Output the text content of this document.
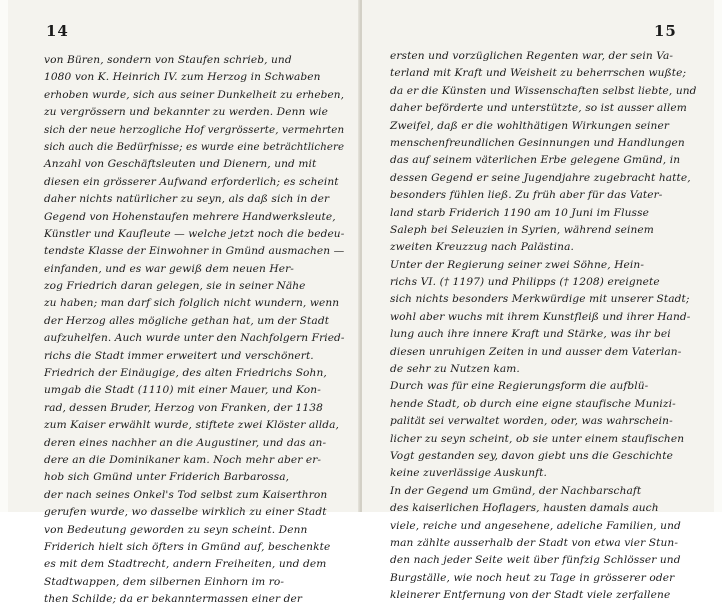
14
von Büren, sondern von Staufen schrieb, und
1080 von K. Heinrich IV. zum Herzog in Schwaben
erhoben wurde, sich aus seiner Dunkelheit zu erheben,
zu vergrössern und bekannter zu werden. Denn wie
sich der neue herzogliche Hof vergrösserte, vermehrten
sich auch die Bedürfnisse; es wurde eine beträchtlichere
Anzahl von Geschäftsleuten und Dienern, und mit
diesen ein grösserer Aufwand erforderlich; es scheint
daher nichts natürlicher zu seyn, als daß sich in der
Gegend von Hohenstaufen mehrere Handwerksleute,
Künstler und Kaufleute — welche jetzt noch die bedeu-
tendste Klasse der Einwohner in Gmünd ausmachen —
einfanden, und es war gewiß dem neuen Her-
zog Friedrich daran gelegen, sie in seiner Nähe
zu haben; man darf sich folglich nicht wundern, wenn
der Herzog alles mögliche gethan hat, um der Stadt
aufzuhelfen. Auch wurde unter den Nachfolgern Fried-
richs die Stadt immer erweitert und verschönert.
Friedrich der Einäugige, des alten Friedrichs Sohn,
umgab die Stadt (1110) mit einer Mauer, und Kon-
rad, dessen Bruder, Herzog von Franken, der 1138
zum Kaiser erwählt wurde, stiftete zwei Klöster allda,
deren eines nachher an die Augustiner, und das an-
dere an die Dominikaner kam. Noch mehr aber er-
hob sich Gmünd unter Friderich Barbarossa,
der nach seines Onkel's Tod selbst zum Kaiserthron
gerufen wurde, wo dasselbe wirklich zu einer Stadt
von Bedeutung geworden zu seyn scheint. Denn
Friderich hielt sich öfters in Gmünd auf, beschenkte
es mit dem Stadtrecht, andern Freiheiten, und dem
Stadtwappen, dem silbernen Einhorn im ro-
then Schilde; da er bekanntermassen einer der
15
ersten und vorzüglichen Regenten war, der sein Va-
terland mit Kraft und Weisheit zu beherrschen wußte;
da er die Künsten und Wissenschaften selbst liebte, und
daher beförderte und unterstützte, so ist ausser allem
Zweifel, daß er die wohlthätigen Wirkungen seiner
menschenfreundlichen Gesinnungen und Handlungen
das auf seinem väterlichen Erbe gelegene Gmünd, in
dessen Gegend er seine Jugendjahre zugebracht hatte,
besonders fühlen ließ. Zu früh aber für das Vater-
land starb Friderich 1190 am 10 Juni im Flusse
Saleph bei Seleuzien in Syrien, während seinem
zweiten Kreuzzug nach Palästina.
Unter der Regierung seiner zwei Söhne, Hein-
richs VI. († 1197) und Philipps († 1208) ereignete
sich nichts besonders Merkwürdige mit unserer Stadt;
wohl aber wuchs mit ihrem Kunstfleiß und ihrer Hand-
lung auch ihre innere Kraft und Stärke, was ihr bei
diesen unruhigen Zeiten in und ausser dem Vaterlan-
de sehr zu Nutzen kam.
Durch was für eine Regierungsform die aufblü-
hende Stadt, ob durch eine eigne staufische Munizi-
palität sei verwaltet worden, oder, was wahrschein-
licher zu seyn scheint, ob sie unter einem staufischen
Vogt gestanden sey, davon giebt uns die Geschichte
keine zuverlässige Auskunft.
In der Gegend um Gmünd, der Nachbarschaft
des kaiserlichen Hoflagers, hausten damals auch
viele, reiche und angesehene, adeliche Familien, und
man zählte ausserhalb der Stadt von etwa vier Stun-
den nach jeder Seite weit über fünfzig Schlösser und
Burgställe, wie noch heut zu Tage in grösserer oder
kleinerer Entfernung von der Stadt viele zerfallene
